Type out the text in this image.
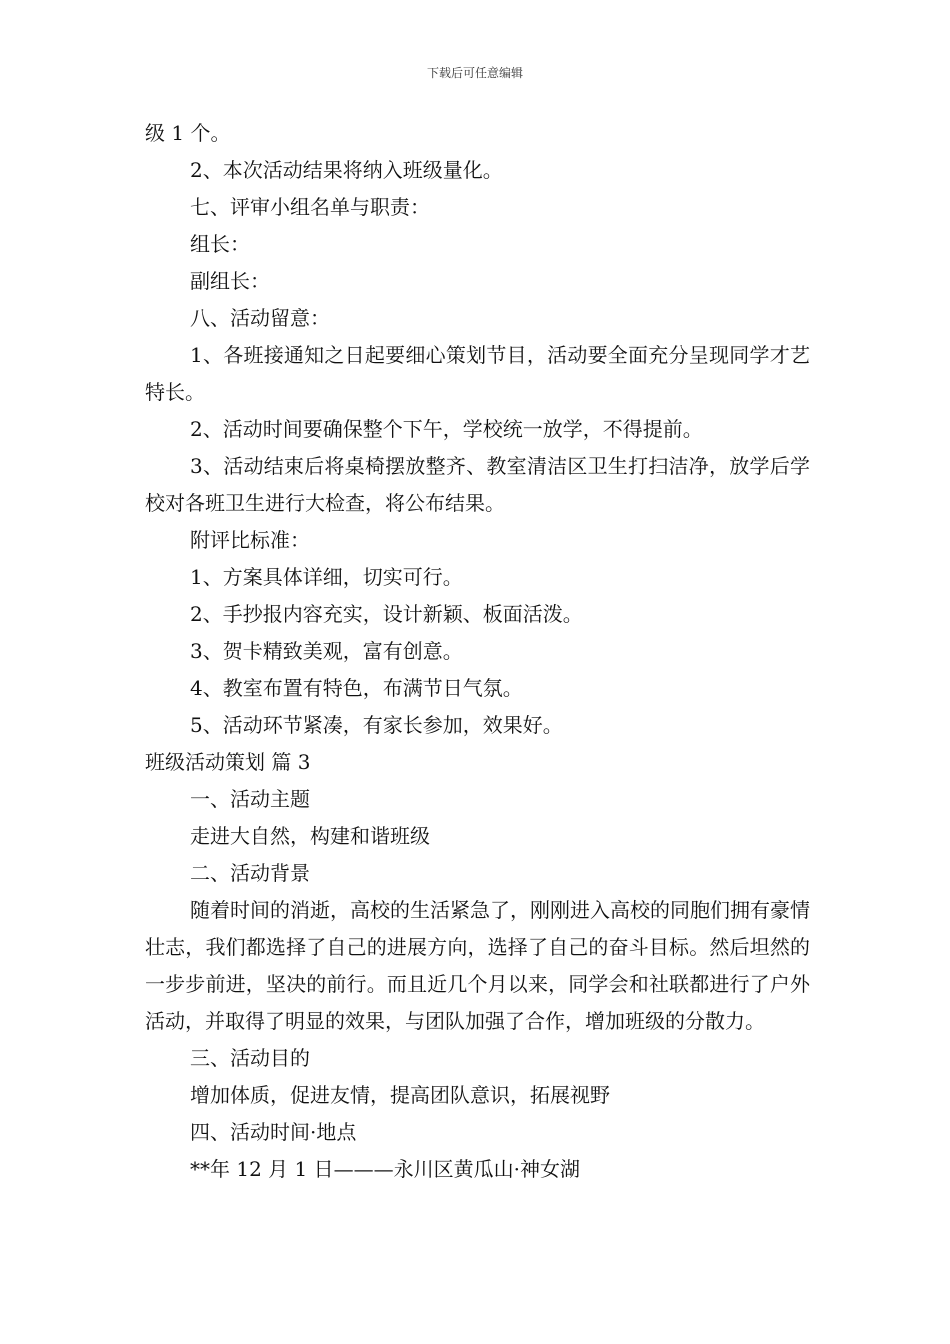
下载后可任意编辑

级 1 个。

2、本次活动结果将纳入班级量化。

七、评审小组名单与职责：

组长：

副组长：

八、活动留意：

1、各班接通知之日起要细心策划节目，活动要全面充分呈现同学才艺特长。

2、活动时间要确保整个下午，学校统一放学，不得提前。

3、活动结束后将桌椅摆放整齐、教室清洁区卫生打扫洁净，放学后学校对各班卫生进行大检查，将公布结果。

附评比标准：

1、方案具体详细，切实可行。

2、手抄报内容充实，设计新颖、板面活泼。

3、贺卡精致美观，富有创意。

4、教室布置有特色，布满节日气氛。

5、活动环节紧凑，有家长参加，效果好。

班级活动策划 篇 3

一、活动主题

走进大自然，构建和谐班级

二、活动背景

随着时间的消逝，高校的生活紧急了，刚刚进入高校的同胞们拥有豪情壮志，我们都选择了自己的进展方向，选择了自己的奋斗目标。然后坦然的一步步前进，坚决的前行。而且近几个月以来，同学会和社联都进行了户外活动，并取得了明显的效果，与团队加强了合作，增加班级的分散力。

三、活动目的

增加体质，促进友情，提高团队意识，拓展视野

四、活动时间·地点

**年 12 月 1 日———永川区黄瓜山·神女湖
